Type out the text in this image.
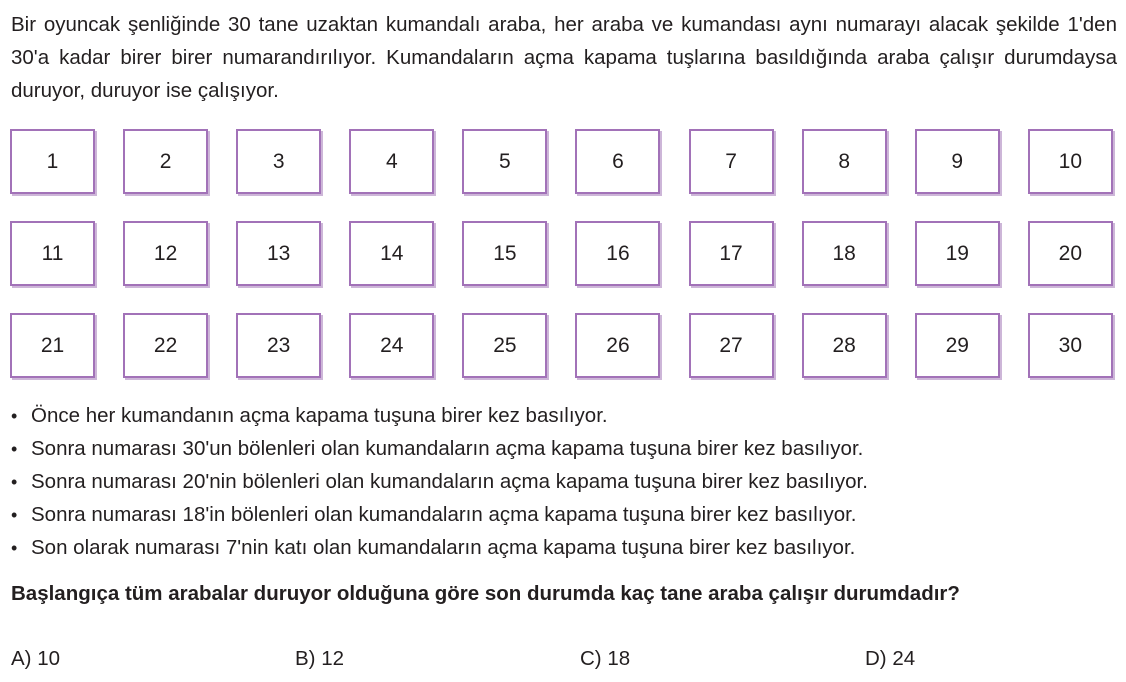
Bir oyuncak şenliğinde 30 tane uzaktan kumandalı araba, her araba ve kumandası aynı numarayı alacak şekilde 1'den 30'a kadar birer birer numarandırılıyor. Kumandaların açma kapama tuşlarına basıldığında araba çalışır durumdaysa duruyor, duruyor ise çalışıyor.

1	2	3	4	5	6	7	8	9	10
11	12	13	14	15	16	17	18	19	20
21	22	23	24	25	26	27	28	29	30
• Önce her kumandanın açma kapama tuşuna birer kez basılıyor.
• Sonra numarası 30'un bölenleri olan kumandaların açma kapama tuşuna birer kez basılıyor.
• Sonra numarası 20'nin bölenleri olan kumandaların açma kapama tuşuna birer kez basılıyor.
• Sonra numarası 18'in bölenleri olan kumandaların açma kapama tuşuna birer kez basılıyor.
• Son olarak numarası 7'nin katı olan kumandaların açma kapama tuşuna birer kez basılıyor.

Başlangıça tüm arabalar duruyor olduğuna göre son durumda kaç tane araba çalışır durumdadır?

A) 10	B) 12	C) 18	D) 24
